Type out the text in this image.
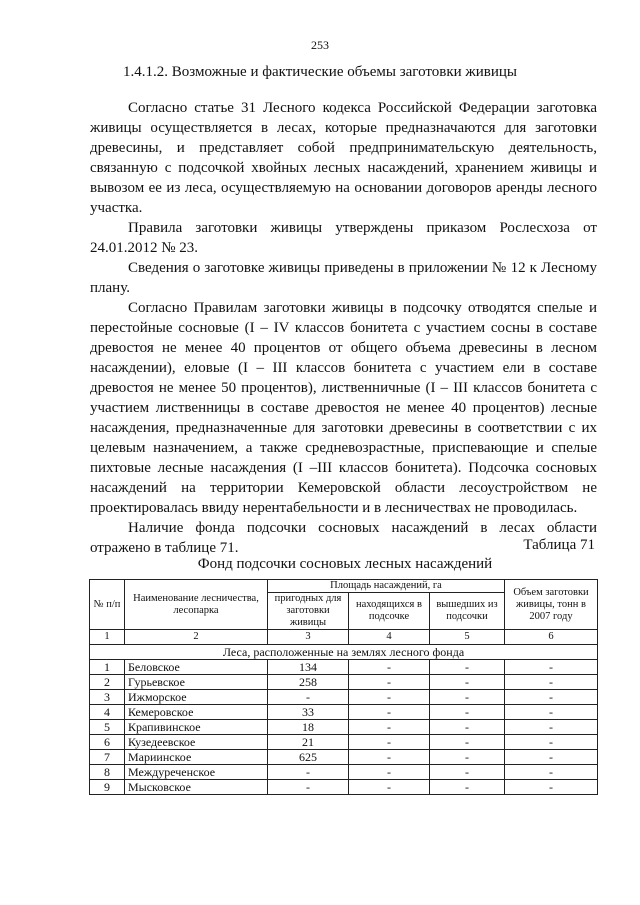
253
1.4.1.2. Возможные и фактические объемы заготовки живицы

Согласно статье 31 Лесного кодекса Российской Федерации заготовка живицы осуществляется в лесах, которые предназначаются для заготовки древесины, и представляет собой предпринимательскую деятельность, связанную с подсочкой хвойных лесных насаждений, хранением живицы и вывозом ее из леса, осуществляемую на основании договоров аренды лесного участка.

Правила заготовки живицы утверждены приказом Рослесхоза от 24.01.2012 № 23.

Сведения о заготовке живицы приведены в приложении № 12 к Лесному плану.

Согласно Правилам заготовки живицы в подсочку отводятся спелые и перестойные сосновые (I – IV классов бонитета с участием сосны в составе древостоя не менее 40 процентов от общего объема древесины в лесном насаждении), еловые (I – III классов бонитета с участием ели в составе древостоя не менее 50 процентов), лиственничные (I – III классов бонитета с участием лиственницы в составе древостоя не менее 40 процентов) лесные насаждения, предназначенные для заготовки древесины в соответствии с их целевым назначением, а также средневозрастные, приспевающие и спелые пихтовые лесные насаждения (I –III классов бонитета). Подсочка сосновых насаждений на территории Кемеровской области лесоустройством не проектировалась ввиду нерентабельности и в лесничествах не проводилась.

Наличие фонда подсочки сосновых насаждений в лесах области отражено в таблице 71.	Таблица 71
Фонд подсочки сосновых лесных насаждений
№ п/п	Наименование лесничества, лесопарка	Площадь насаждений, га			Объем заготовки живицы, тонн в 2007 году
		пригодных для заготовки живицы	находящихся в подсочке	вышедших из подсочки	
1	2	3	4	5	6
Леса, расположенные на землях лесного фонда					
1	Беловское	134	-	-	-
2	Гурьевское	258	-	-	-
3	Ижморское	-	-	-	-
4	Кемеровское	33	-	-	-
5	Крапивинское	18	-	-	-
6	Кузедеевское	21	-	-	-
7	Мариинское	625	-	-	-
8	Междуреченское	-	-	-	-
9	Мысковское	-	-	-	-
